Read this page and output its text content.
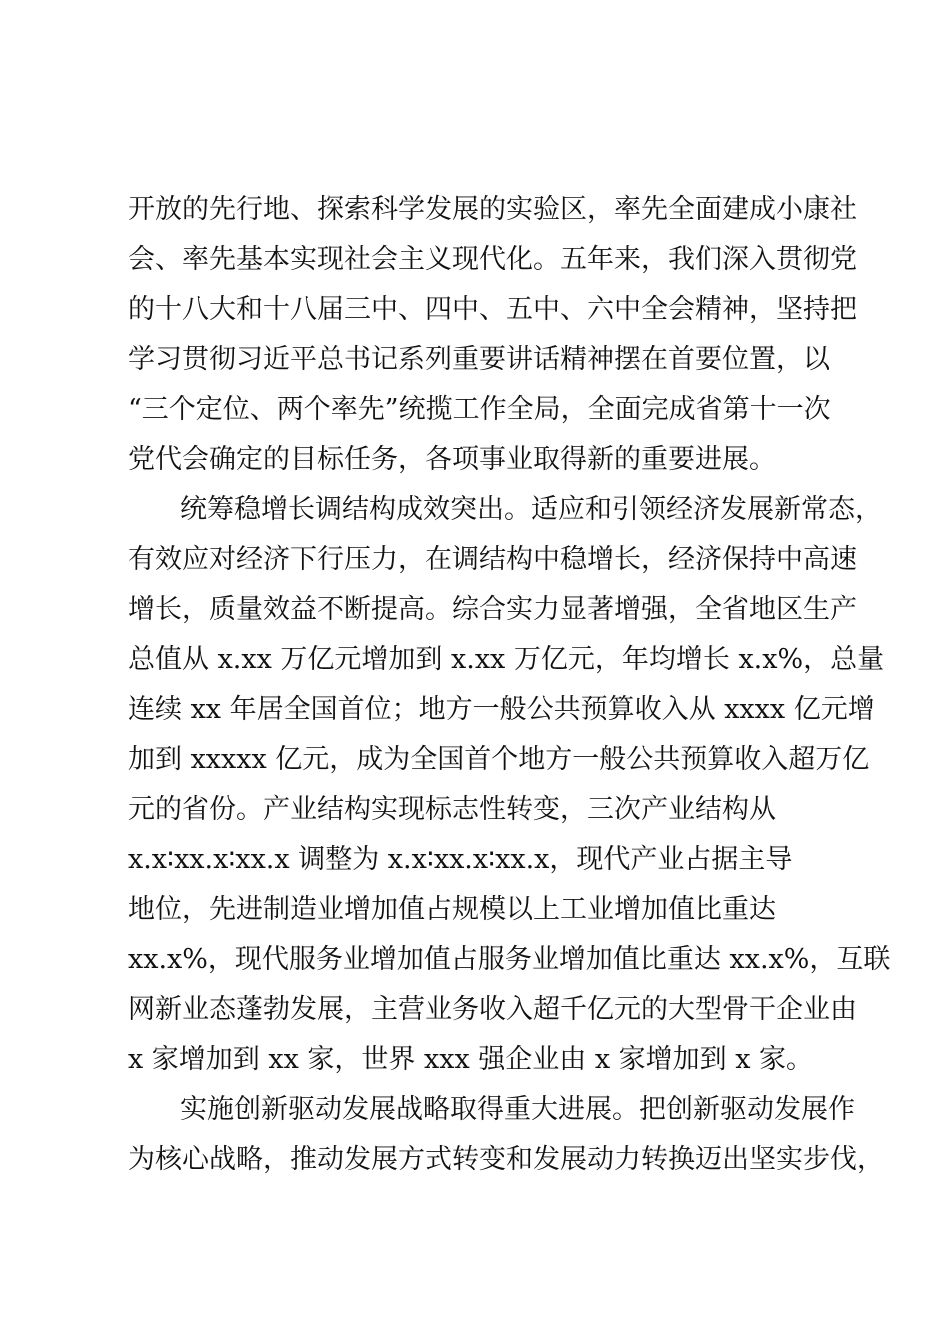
开放的先行地、探索科学发展的实验区，率先全面建成小康社

会、率先基本实现社会主义现代化。五年来，我们深入贯彻党

的十八大和十八届三中、四中、五中、六中全会精神，坚持把

学习贯彻习近平总书记系列重要讲话精神摆在首要位置，以

“三个定位、两个率先”统揽工作全局，全面完成省第十一次

党代会确定的目标任务，各项事业取得新的重要进展。

统筹稳增长调结构成效突出。适应和引领经济发展新常态，

有效应对经济下行压力，在调结构中稳增长，经济保持中高速

增长，质量效益不断提高。综合实力显著增强，全省地区生产

总值从 x.xx 万亿元增加到 x.xx 万亿元，年均增长 x.x%，总量

连续 xx 年居全国首位；地方一般公共预算收入从 xxxx 亿元增

加到 xxxxx 亿元，成为全国首个地方一般公共预算收入超万亿

元的省份。产业结构实现标志性转变，三次产业结构从

x.x∶xx.x∶xx.x 调整为 x.x∶xx.x∶xx.x，现代产业占据主导

地位，先进制造业增加值占规模以上工业增加值比重达

xx.x%，现代服务业增加值占服务业增加值比重达 xx.x%，互联

网新业态蓬勃发展，主营业务收入超千亿元的大型骨干企业由

x 家增加到 xx 家，世界 xxx 强企业由 x 家增加到 x 家。

实施创新驱动发展战略取得重大进展。把创新驱动发展作

为核心战略，推动发展方式转变和发展动力转换迈出坚实步伐，
